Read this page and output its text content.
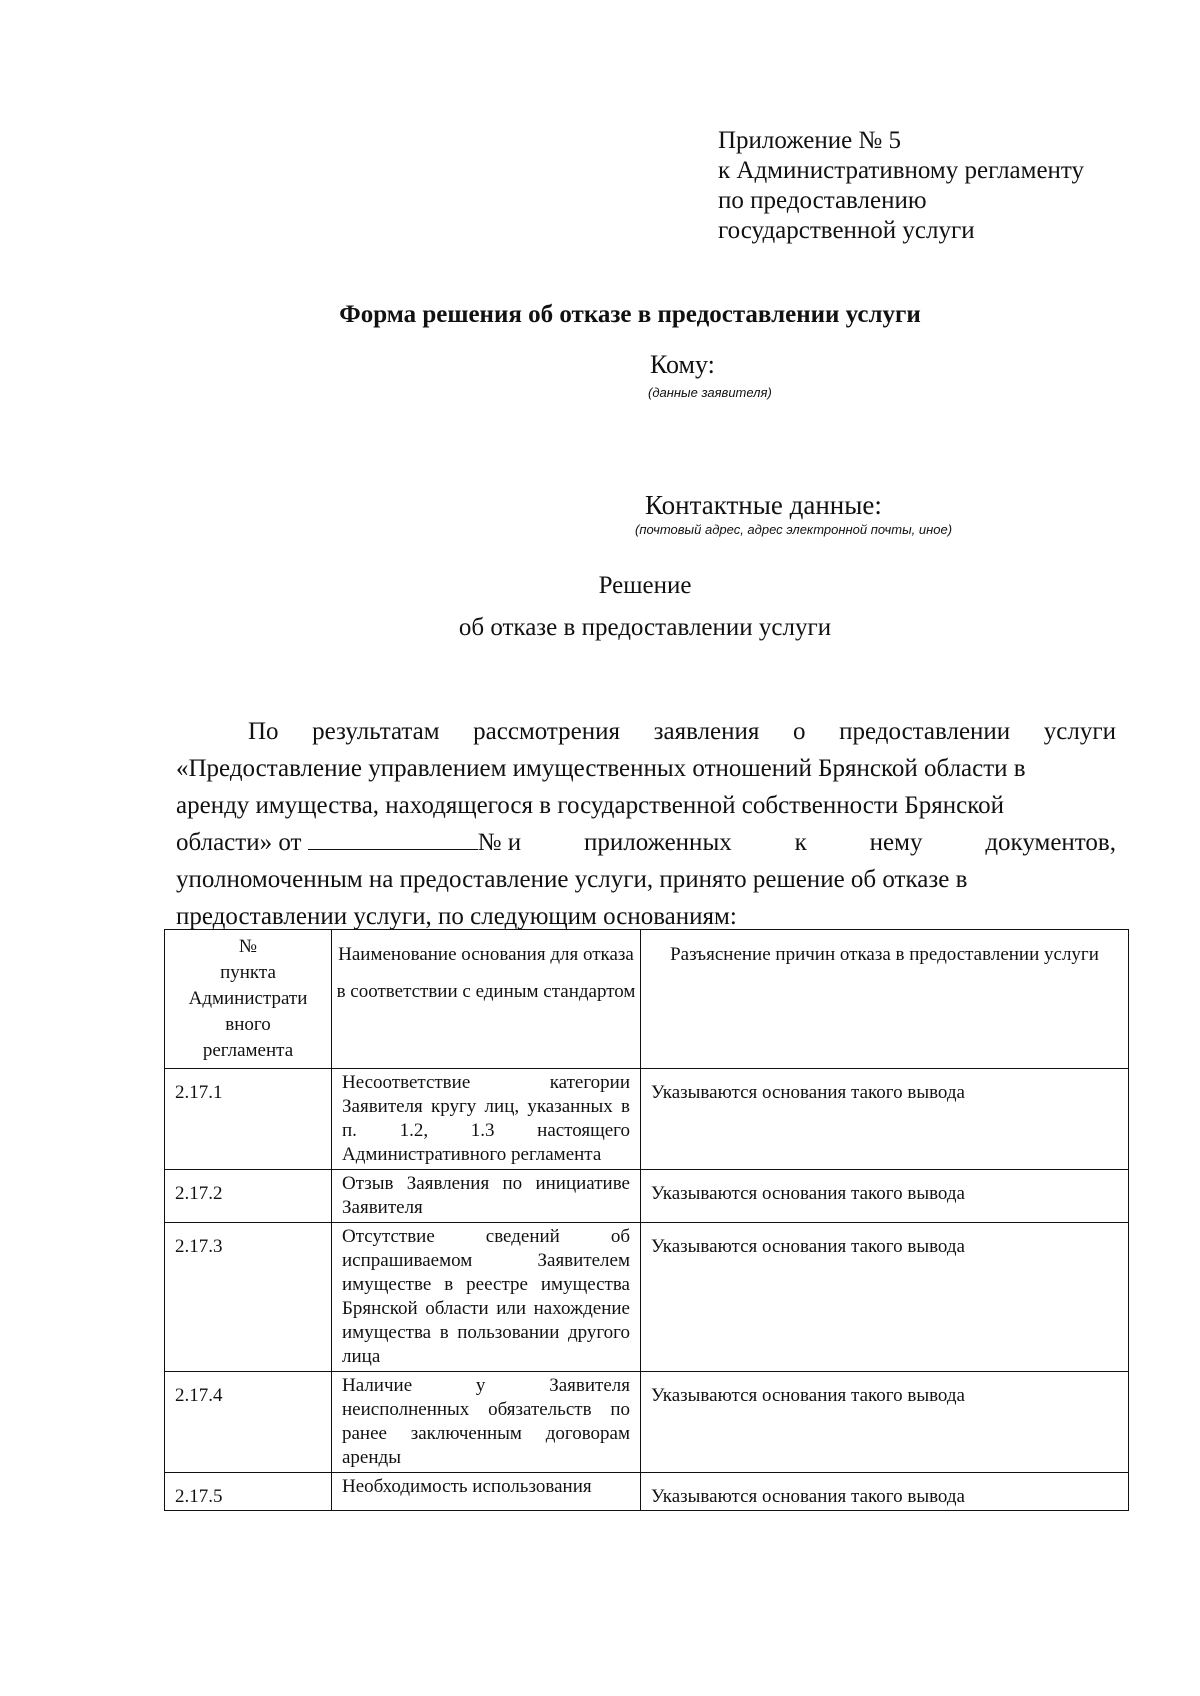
Приложение № 5
к Административному регламенту
по предоставлению
государственной услуги
Форма решения об отказе в предоставлении услуги
Кому:
(данные заявителя)
Контактные данные:
(почтовый адрес, адрес электронной почты, иное)
Решение
об отказе в предоставлении услуги
По результатам рассмотрения заявления о предоставлении услуги
«Предоставление управлением имущественных отношений Брянской области в
аренду имущества, находящегося в государственной собственности Брянской
области» от	№ и	приложенных	к	нему	документов,
уполномоченным на предоставление услуги, принято решение об отказе в
предоставлении услуги, по следующим основаниям:
№
пункта
Администрати
вного
регламента	Наименование основания для отказа в соответствии с единым стандартом	Разъяснение причин отказа в предоставлении услуги
2.17.1	Несоответствие категории Заявителя кругу лиц, указанных в п. 1.2, 1.3 настоящего Административного регламента	Указываются основания такого вывода
2.17.2	Отзыв Заявления по инициативе Заявителя	Указываются основания такого вывода
2.17.3	Отсутствие сведений об испрашиваемом Заявителем имуществе в реестре имущества Брянской области или нахождение имущества в пользовании другого лица	Указываются основания такого вывода
2.17.4	Наличие у Заявителя неисполненных обязательств по ранее заключенным договорам аренды	Указываются основания такого вывода
2.17.5	Необходимость использования	Указываются основания такого вывода
